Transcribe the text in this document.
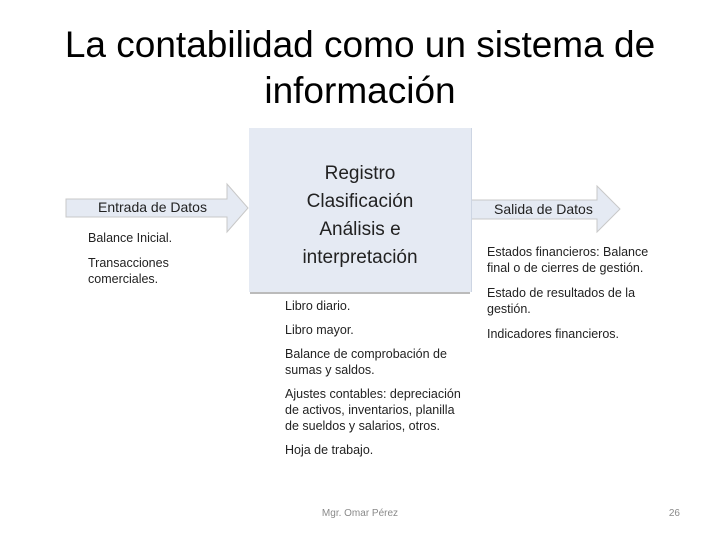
La contabilidad como un sistema de
información
Registro
Clasificación
Análisis e
interpretación
Entrada de Datos	Salida de Datos

Balance Inicial.

Transacciones comerciales.

Libro diario.

Libro mayor.

Balance de comprobación de sumas y saldos.

Ajustes contables: depreciación de activos, inventarios, planilla de sueldos y salarios, otros.

Hoja de trabajo.

Estados financieros: Balance final o de cierres de gestión.

Estado de resultados de la gestión.

Indicadores financieros.

Mgr. Omar Pérez	26
